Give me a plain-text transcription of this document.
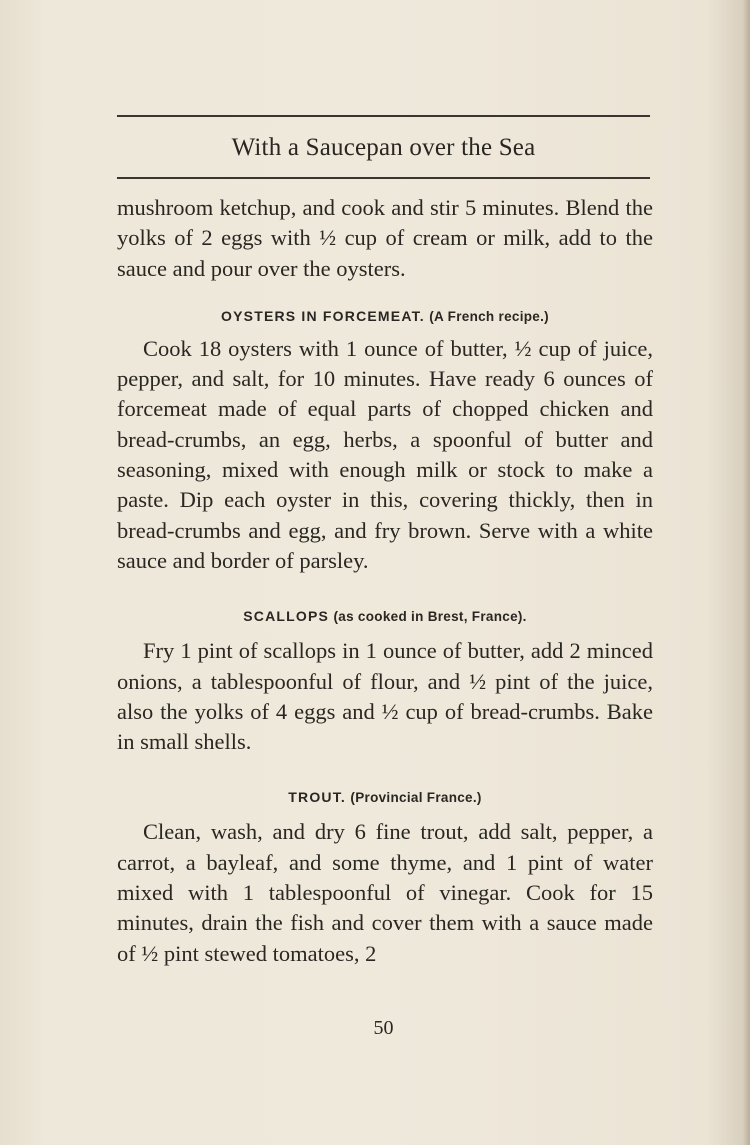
With a Saucepan over the Sea

mushroom ketchup, and cook and stir 5 minutes. Blend the yolks of 2 eggs with ½ cup of cream or milk, add to the sauce and pour over the oysters.

OYSTERS IN FORCEMEAT. (A French recipe.)

Cook 18 oysters with 1 ounce of butter, ½ cup of juice, pepper, and salt, for 10 minutes. Have ready 6 ounces of forcemeat made of equal parts of chopped chicken and bread-crumbs, an egg, herbs, a spoonful of butter and seasoning, mixed with enough milk or stock to make a paste. Dip each oyster in this, covering thickly, then in bread-crumbs and egg, and fry brown. Serve with a white sauce and border of parsley.

SCALLOPS (as cooked in Brest, France).

Fry 1 pint of scallops in 1 ounce of butter, add 2 minced onions, a tablespoonful of flour, and ½ pint of the juice, also the yolks of 4 eggs and ½ cup of bread-crumbs. Bake in small shells.

TROUT. (Provincial France.)

Clean, wash, and dry 6 fine trout, add salt, pepper, a carrot, a bayleaf, and some thyme, and 1 pint of water mixed with 1 tablespoonful of vinegar. Cook for 15 minutes, drain the fish and cover them with a sauce made of ½ pint stewed tomatoes, 2

50
